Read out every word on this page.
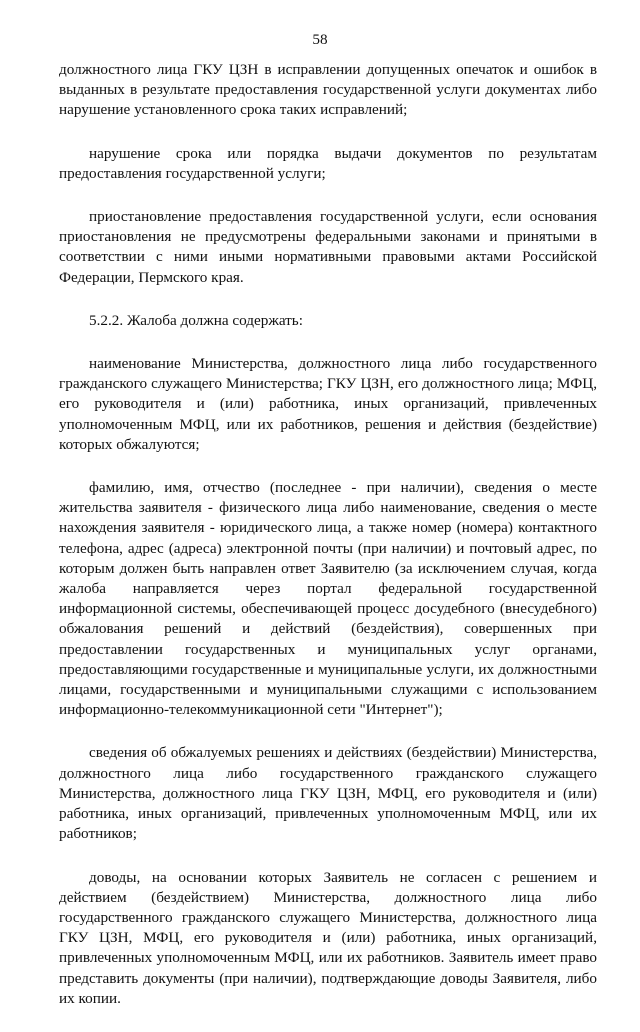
58

должностного лица ГКУ ЦЗН в исправлении допущенных опечаток и ошибок в выданных в результате предоставления государственной услуги документах либо нарушение установленного срока таких исправлений;

нарушение срока или порядка выдачи документов по результатам предоставления государственной услуги;

приостановление предоставления государственной услуги, если основания приостановления не предусмотрены федеральными законами и принятыми в соответствии с ними иными нормативными правовыми актами Российской Федерации, Пермского края.

5.2.2. Жалоба должна содержать:

наименование Министерства, должностного лица либо государственного гражданского служащего Министерства; ГКУ ЦЗН, его должностного лица; МФЦ, его руководителя и (или) работника, иных организаций, привлеченных уполномоченным МФЦ, или их работников, решения и действия (бездействие) которых обжалуются;

фамилию, имя, отчество (последнее - при наличии), сведения о месте жительства заявителя - физического лица либо наименование, сведения о месте нахождения заявителя - юридического лица, а также номер (номера) контактного телефона, адрес (адреса) электронной почты (при наличии) и почтовый адрес, по которым должен быть направлен ответ Заявителю (за исключением случая, когда жалоба направляется через портал федеральной государственной информационной системы, обеспечивающей процесс досудебного (внесудебного) обжалования решений и действий (бездействия), совершенных при предоставлении государственных и муниципальных услуг органами, предоставляющими государственные и муниципальные услуги, их должностными лицами, государственными и муниципальными служащими с использованием информационно-телекоммуникационной сети "Интернет");

сведения об обжалуемых решениях и действиях (бездействии) Министерства, должностного лица либо государственного гражданского служащего Министерства, должностного лица ГКУ ЦЗН, МФЦ, его руководителя и (или) работника, иных организаций, привлеченных уполномоченным МФЦ, или их работников;

доводы, на основании которых Заявитель не согласен с решением и действием (бездействием) Министерства, должностного лица либо государственного гражданского служащего Министерства, должностного лица ГКУ ЦЗН, МФЦ, его руководителя и (или) работника, иных организаций, привлеченных уполномоченным МФЦ, или их работников. Заявитель имеет право представить документы (при наличии), подтверждающие доводы Заявителя, либо их копии.
